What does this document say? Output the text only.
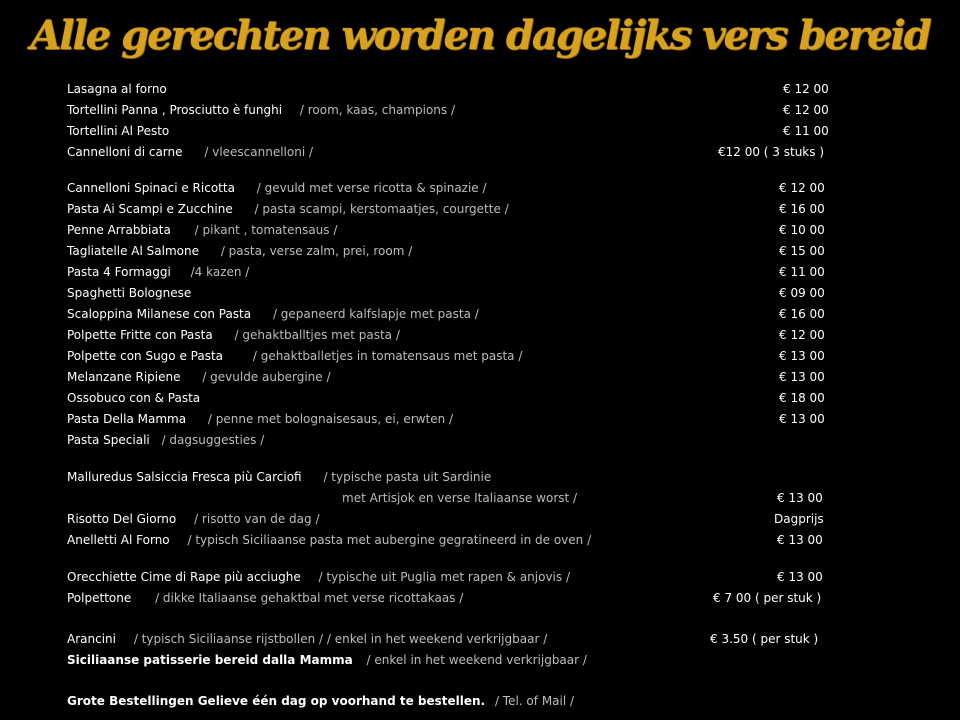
Alle gerechten worden dagelijks vers bereid
Lasagna al forno	€ 12 00
Tortellini Panna , Prosciutto è funghi / room, kaas, champions /	€ 12 00
Tortellini Al Pesto	€ 11 00
Cannelloni di carne / vleescannelloni /	€12 00 ( 3 stuks )
Cannelloni Spinaci e Ricotta / gevuld met verse ricotta & spinazie /	€ 12 00
Pasta Ai Scampi e Zucchine / pasta scampi, kerstomaatjes, courgette /	€ 16 00
Penne Arrabbiata / pikant , tomatensaus /	€ 10 00
Tagliatelle Al Salmone / pasta, verse zalm, prei, room /	€ 15 00
Pasta 4 Formaggi /4 kazen /	€ 11 00
Spaghetti Bolognese	€ 09 00
Scaloppina Milanese con Pasta / gepaneerd kalfslapje met pasta /	€ 16 00
Polpette Fritte con Pasta / gehaktballtjes met pasta /	€ 12 00
Polpette con Sugo e Pasta / gehaktballetjes in tomatensaus met pasta /	€ 13 00
Melanzane Ripiene / gevulde aubergine /	€ 13 00
Ossobuco con & Pasta	€ 18 00
Pasta Della Mamma / penne met bolognaisesaus, ei, erwten /	€ 13 00
Pasta Speciali / dagsuggesties /
Malluredus Salsiccia Fresca più Carciofi / typische pasta uit Sardinie
met Artisjok en verse Italiaanse worst /	€ 13 00
Risotto Del Giorno / risotto van de dag /	Dagprijs
Anelletti Al Forno / typisch Siciliaanse pasta met aubergine gegratineerd in de oven /	€ 13 00
Orecchiette Cime di Rape più acciughe / typische uit Puglia met rapen & anjovis /	€ 13 00
Polpettone / dikke Italiaanse gehaktbal met verse ricottakaas /	€ 7 00 ( per stuk )
Arancini / typisch Siciliaanse rijstbollen / / enkel in het weekend verkrijgbaar /	€ 3.50 ( per stuk )
Siciliaanse patisserie bereid dalla Mamma / enkel in het weekend verkrijgbaar /
Grote Bestellingen Gelieve één dag op voorhand te bestellen. / Tel. of Mail /
